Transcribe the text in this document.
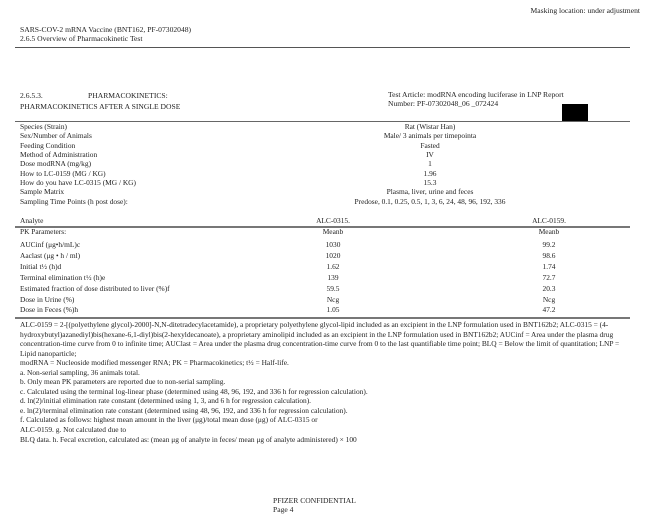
Masking location: under adjustment
SARS-COV-2 mRNA Vaccine (BNT162, PF-07302048)
2.6.5 Overview of Pharmacokinetic Test
2.6.5.3.	PHARMACOKINETICS:
PHARMACOKINETICS AFTER A SINGLE DOSE
Test Article: modRNA encoding luciferase in LNP Report
Number: PF-07302048_06 _072424
Species (Strain)	Rat (Wistar Han)
Sex/Number of Animals	Male/ 3 animals per timepointa
Feeding Condition	Fasted
Method of Administration	IV
Dose modRNA (mg/kg)	1
How to LC-0159 (MG / KG)	1.96
How do you have LC-0315 (MG / KG)	15.3
Sample Matrix	Plasma, liver, urine and feces
Sampling Time Points (h post dose):	Predose, 0.1, 0.25, 0.5, 1, 3, 6, 24, 48, 96, 192, 336
Analyte	ALC-0315.	ALC-0159.
PK Parameters:	Meanb	Meanb
AUCinf (μg•h/mL)c	1030	99.2
Aaclast (μg • h / ml)	1020	98.6
Initial t½ (h)d	1.62	1.74
Terminal elimination t½ (h)e	139	72.7
Estimated fraction of dose distributed to liver (%)f	59.5	20.3
Dose in Urine (%)	Ncg	Ncg
Dose in Feces (%)h	1.05	47.2

ALC-0159 = 2-[(polyethylene glycol)-2000]-N,N-ditetradecylacetamide), a proprietary polyethylene glycol-lipid included as an excipient in the LNP formulation used in BNT162b2; ALC-0315 = (4-hydroxybutyl)azanediyl)bis(hexane-6,1-diyl)bis(2-hexyldecanoate), a proprietary aminolipid included as an excipient in the LNP formulation used in BNT162b2; AUCinf = Area under the plasma drug concentration-time curve from 0 to infinite time; AUClast = Area under the plasma drug concentration-time curve from 0 to the last quantifiable time point; BLQ = Below the limit of quantitation; LNP = Lipid nanoparticle;

modRNA = Nucleoside modified messenger RNA; PK = Pharmacokinetics; t½ = Half-life.

a. Non-serial sampling, 36 animals total.

b. Only mean PK parameters are reported due to non-serial sampling.

c. Calculated using the terminal log-linear phase (determined using 48, 96, 192, and 336 h for regression calculation).

d. ln(2)/initial elimination rate constant (determined using 1, 3, and 6 h for regression calculation).

e. ln(2)/terminal elimination rate constant (determined using 48, 96, 192, and 336 h for regression calculation).

f. Calculated as follows: highest mean amount in the liver (μg)/total mean dose (μg) of ALC-0315 or

ALC-0159. g. Not calculated due to

BLQ data. h. Fecal excretion, calculated as: (mean μg of analyte in feces/ mean μg of analyte administered) × 100

PFIZER CONFIDENTIAL
Page 4
